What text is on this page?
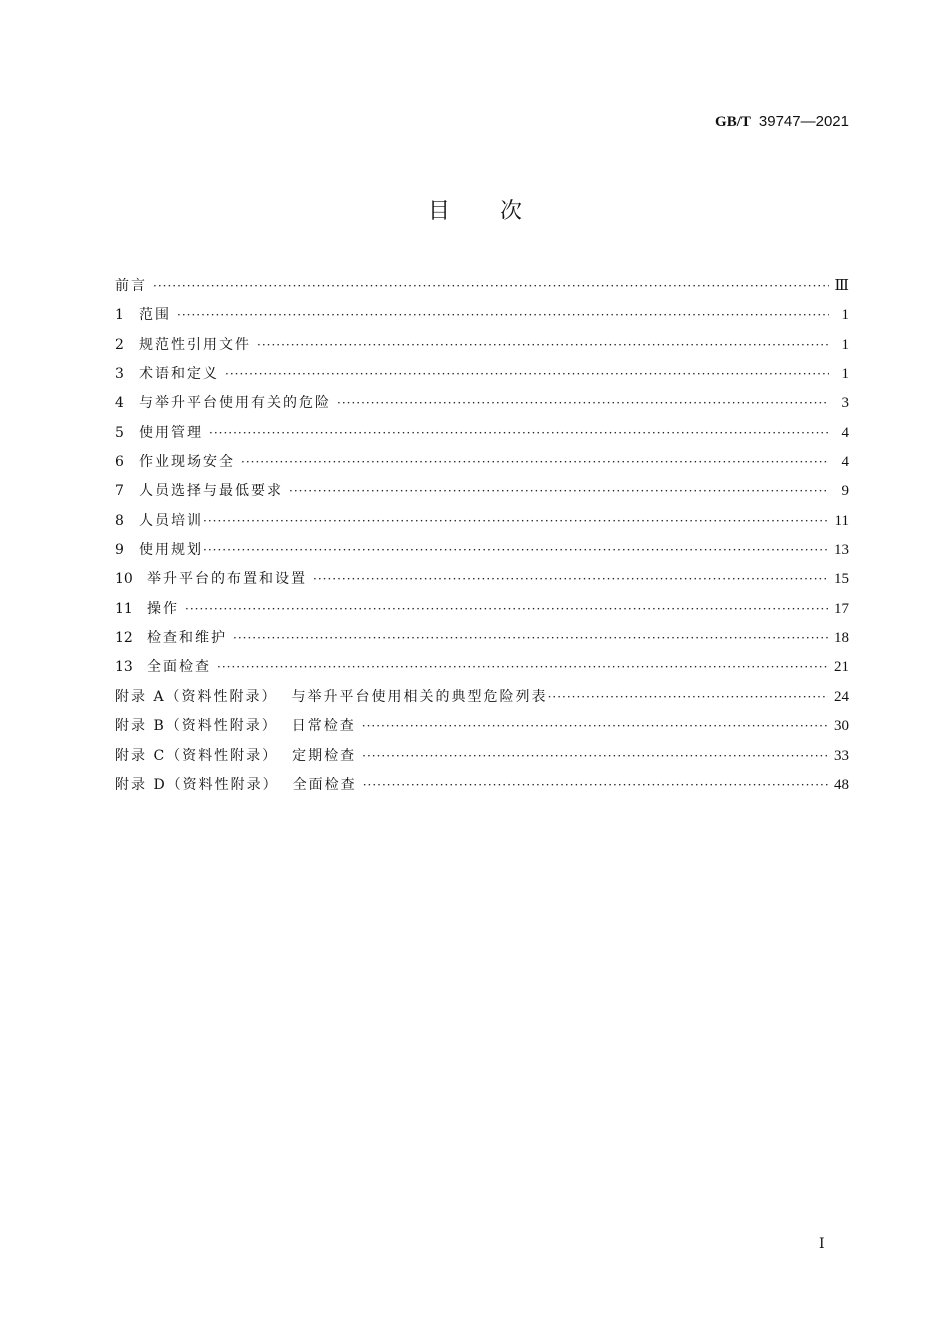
GB/T 39747—2021
目 次
前言 ·····	Ⅲ
1	范围 ·····	1
2	规范性引用文件 ·····	1
3	术语和定义 ·····	1
4	与举升平台使用有关的危险 ·····	3
5	使用管理 ·····	4
6	作业现场安全 ·····	4
7	人员选择与最低要求 ·····	9
8	人员培训 ·····	11
9	使用规划 ·····	13
10	举升平台的布置和设置 ·····	15
11	操作 ·····	17
12	检查和维护 ·····	18
13	全面检查 ·····	21
附录 A（资料性附录） 与举升平台使用相关的典型危险列表 ·····	24
附录 B（资料性附录） 日常检查 ·····	30
附录 C（资料性附录） 定期检查 ·····	33
附录 D（资料性附录） 全面检查 ·····	48
Ⅰ
